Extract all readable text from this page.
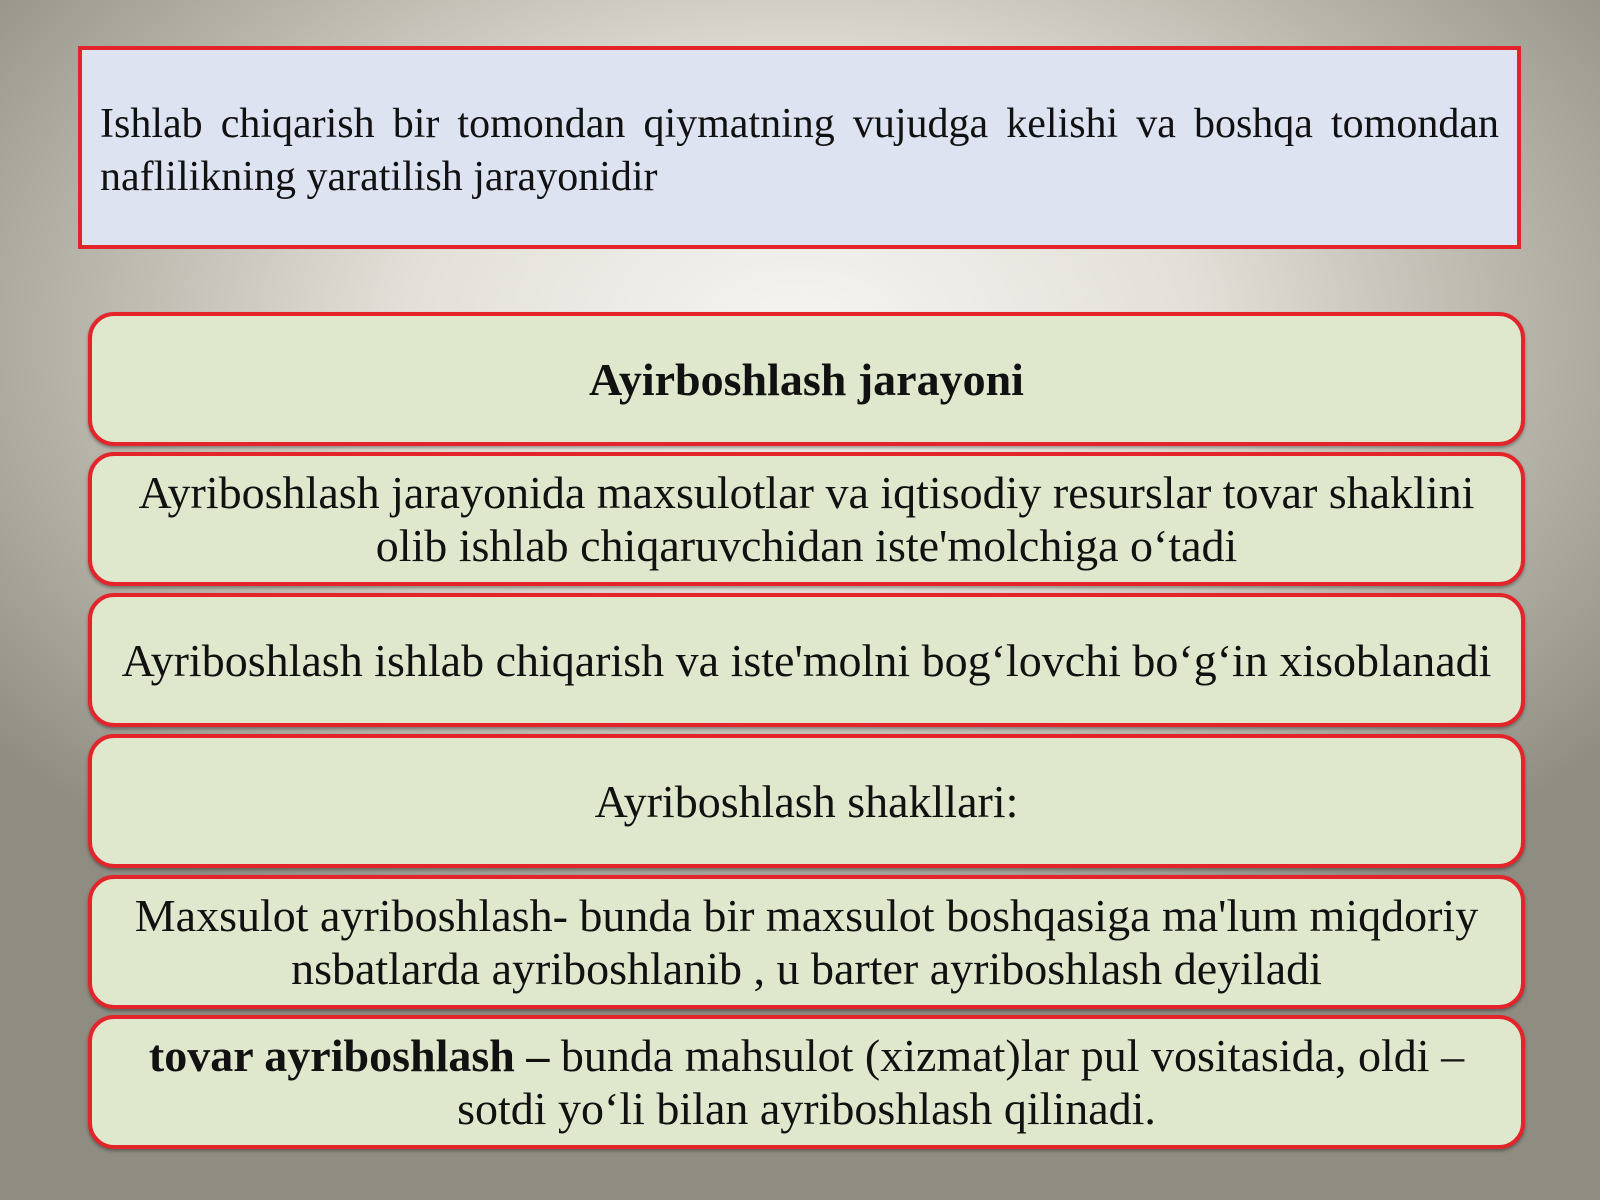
Ishlab chiqarish bir tomondan qiymatning vujudga kelishi va boshqa tomondan naflilikning yaratilish jarayonidir

Ayirboshlash jarayoni

Ayriboshlash jarayonida maxsulotlar va iqtisodiy resurslar tovar shaklini olib ishlab chiqaruvchidan iste'molchiga o‘tadi

Ayriboshlash ishlab chiqarish va iste'molni bog‘lovchi bo‘g‘in xisoblanadi

Ayriboshlash shakllari:

Maxsulot ayriboshlash- bunda bir maxsulot boshqasiga ma'lum miqdoriy nsbatlarda ayriboshlanib , u barter ayriboshlash deyiladi

tovar ayriboshlash – bunda mahsulot (xizmat)lar pul vositasida, oldi – sotdi yo‘li bilan ayriboshlash qilinadi.
